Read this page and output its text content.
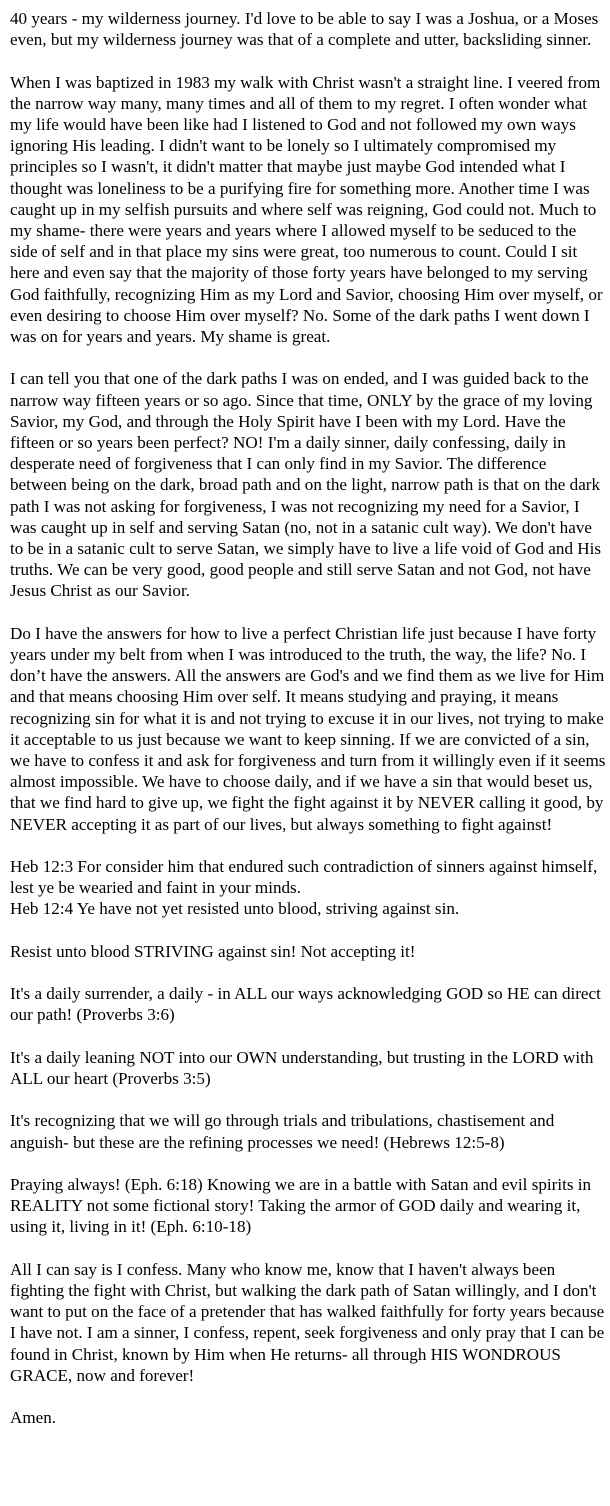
40 years - my wilderness journey. I'd love to be able to say I was a Joshua, or a Moses even, but my wilderness journey was that of a complete and utter, backsliding sinner.

When I was baptized in 1983 my walk with Christ wasn't a straight line. I veered from the narrow way many, many times and all of them to my regret. I often wonder what my life would have been like had I listened to God and not followed my own ways ignoring His leading. I didn't want to be lonely so I ultimately compromised my principles so I wasn't, it didn't matter that maybe just maybe God intended what I thought was loneliness to be a purifying fire for something more. Another time I was caught up in my selfish pursuits and where self was reigning, God could not. Much to my shame- there were years and years where I allowed myself to be seduced to the side of self and in that place my sins were great, too numerous to count. Could I sit here and even say that the majority of those forty years have belonged to my serving God faithfully, recognizing Him as my Lord and Savior, choosing Him over myself, or even desiring to choose Him over myself? No. Some of the dark paths I went down I was on for years and years. My shame is great.

I can tell you that one of the dark paths I was on ended, and I was guided back to the narrow way fifteen years or so ago. Since that time, ONLY by the grace of my loving Savior, my God, and through the Holy Spirit have I been with my Lord. Have the fifteen or so years been perfect? NO! I'm a daily sinner, daily confessing, daily in desperate need of forgiveness that I can only find in my Savior. The difference between being on the dark, broad path and on the light, narrow path is that on the dark path I was not asking for forgiveness, I was not recognizing my need for a Savior, I was caught up in self and serving Satan (no, not in a satanic cult way). We don't have to be in a satanic cult to serve Satan, we simply have to live a life void of God and His truths. We can be very good, good people and still serve Satan and not God, not have Jesus Christ as our Savior.

Do I have the answers for how to live a perfect Christian life just because I have forty years under my belt from when I was introduced to the truth, the way, the life? No. I don’t have the answers. All the answers are God's and we find them as we live for Him and that means choosing Him over self. It means studying and praying, it means recognizing sin for what it is and not trying to excuse it in our lives, not trying to make it acceptable to us just because we want to keep sinning. If we are convicted of a sin, we have to confess it and ask for forgiveness and turn from it willingly even if it seems almost impossible. We have to choose daily, and if we have a sin that would beset us, that we find hard to give up, we fight the fight against it by NEVER calling it good, by NEVER accepting it as part of our lives, but always something to fight against!

Heb 12:3 For consider him that endured such contradiction of sinners against himself, lest ye be wearied and faint in your minds.
Heb 12:4 Ye have not yet resisted unto blood, striving against sin.

Resist unto blood STRIVING against sin! Not accepting it!

It's a daily surrender, a daily - in ALL our ways acknowledging GOD so HE can direct our path! (Proverbs 3:6)

It's a daily leaning NOT into our OWN understanding, but trusting in the LORD with ALL our heart (Proverbs 3:5)

It's recognizing that we will go through trials and tribulations, chastisement and anguish- but these are the refining processes we need! (Hebrews 12:5-8)

Praying always! (Eph. 6:18) Knowing we are in a battle with Satan and evil spirits in REALITY not some fictional story! Taking the armor of GOD daily and wearing it, using it, living in it! (Eph. 6:10-18)

All I can say is I confess. Many who know me, know that I haven't always been fighting the fight with Christ, but walking the dark path of Satan willingly, and I don't want to put on the face of a pretender that has walked faithfully for forty years because I have not. I am a sinner, I confess, repent, seek forgiveness and only pray that I can be found in Christ, known by Him when He returns- all through HIS WONDROUS GRACE, now and forever!

Amen.
